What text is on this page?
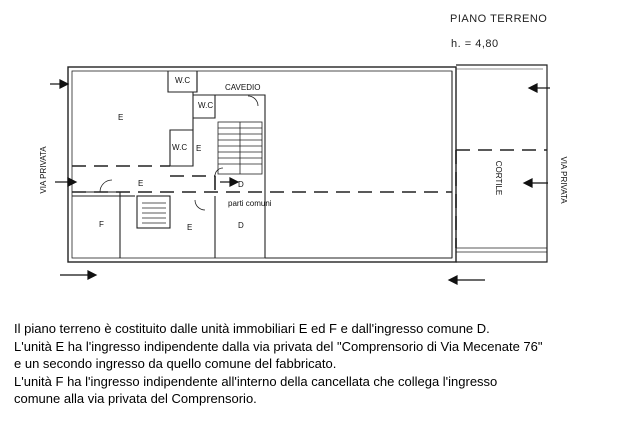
PIANO TERRENO
h. = 4,80
W.C
CAVEDIO
W.C
W.C
E
E
E	D
parti comuni
D
F	E
CORTILE
VIA PRIVATA	VIA PRIVATA

Il piano terreno è costituito dalle unità immobiliari E ed F e dall'ingresso comune D.

L'unità E ha l'ingresso indipendente dalla via privata del "Comprensorio di Via Mecenate 76"

e un secondo ingresso da quello comune del fabbricato.

L'unità F ha l'ingresso indipendente all'interno della cancellata che collega l'ingresso

comune alla via privata del Comprensorio.
